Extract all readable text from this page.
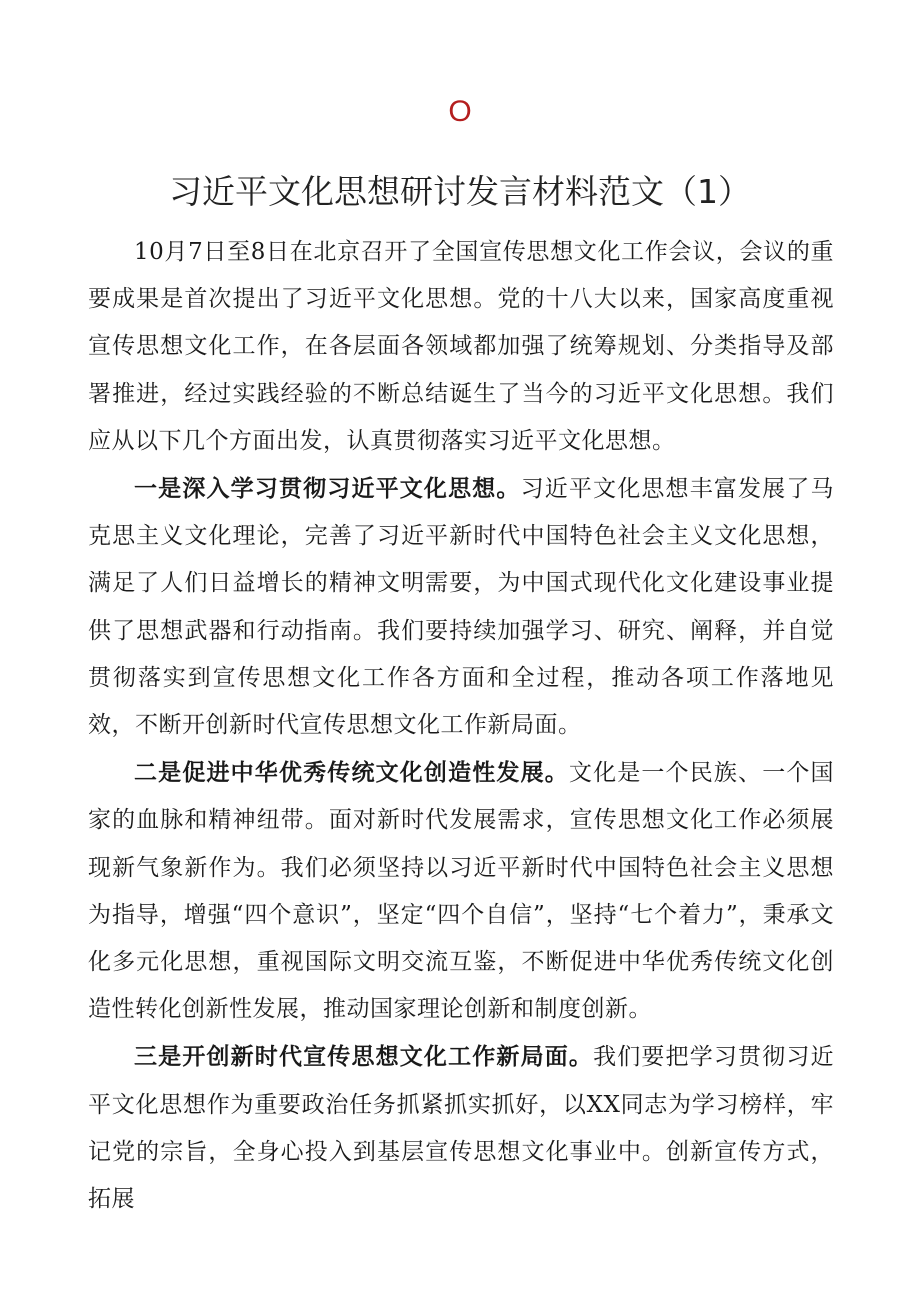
O
习近平文化思想研讨发言材料范文（1）

10月7日至8日在北京召开了全国宣传思想文化工作会议，会议的重要成果是首次提出了习近平文化思想。党的十八大以来，国家高度重视宣传思想文化工作，在各层面各领域都加强了统筹规划、分类指导及部署推进，经过实践经验的不断总结诞生了当今的习近平文化思想。我们应从以下几个方面出发，认真贯彻落实习近平文化思想。

一是深入学习贯彻习近平文化思想。习近平文化思想丰富发展了马克思主义文化理论，完善了习近平新时代中国特色社会主义文化思想，满足了人们日益增长的精神文明需要，为中国式现代化文化建设事业提供了思想武器和行动指南。我们要持续加强学习、研究、阐释，并自觉贯彻落实到宣传思想文化工作各方面和全过程，推动各项工作落地见效，不断开创新时代宣传思想文化工作新局面。

二是促进中华优秀传统文化创造性发展。文化是一个民族、一个国家的血脉和精神纽带。面对新时代发展需求，宣传思想文化工作必须展现新气象新作为。我们必须坚持以习近平新时代中国特色社会主义思想为指导，增强“四个意识”，坚定“四个自信”，坚持“七个着力”，秉承文化多元化思想，重视国际文明交流互鉴，不断促进中华优秀传统文化创造性转化创新性发展，推动国家理论创新和制度创新。

三是开创新时代宣传思想文化工作新局面。我们要把学习贯彻习近平文化思想作为重要政治任务抓紧抓实抓好，以XX同志为学习榜样，牢记党的宗旨，全身心投入到基层宣传思想文化事业中。创新宣传方式，拓展
